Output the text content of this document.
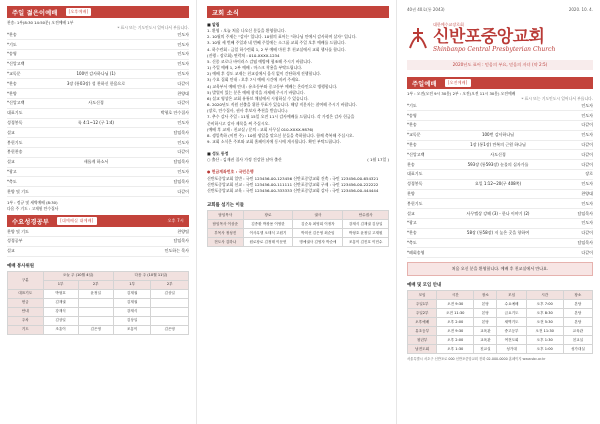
주일 젊은이예배	[오후예배]
찬송: 1부(8:30 14:50분) 오전예배 1부
* 표시 또는 기도인도시 일어나서 부릅니다.
*찬송	인도자
*기도	인도자
*송영	인도자
*신앙고백	인도자
*교독문	100번 감사하나님 (1)	인도자
*찬송	3장 (통03장) 성 찬하신 한몸으로	다같이
*찬양	찬양대
*신앙고백	사도신경	다같이
대표기도	박형호 안수집사
성경봉독	룩 4:1~12 (구 1:4)	인도자
설교	담임목사
봉헌기도	인도자
봉헌찬송	다같이
설교	새롭게 하소서	담임목사
*광고	인도자
*축도	담임목사
찬양 및 기도	다같이
1부 : 정규 및 새벽예배 (8:30)
다음 주 기도 : 고재원 안수집사
수요성경공부	[대예배실 대예배]	오후 7시
찬양 및 기도	찬양팀
성경공부	담임목사
설교	인도하는 목사
예배 봉사위원
구분	오늘 주 (10월 4일)		다음 주 (10월 11일)	
	1부	2부	1부	2부
대표기도	박형호	윤정일	김재권	김상일
헌금	김재권		김재권	
안내	강재식		강재식	
주차	김상일		김상일	
기도	조흥이	김은영	조흥이	김은영
교회 소식

■ 알림

1. 환영 : 오늘 처음 나오신 분들을 환영합니다.

2. 10월의 주제는 "감사" 입니다. 10월의 표어는 "하나님 안에서 감사하며 살자" 입니다.

3. 10월 세 번째 주일과 네 번째 주일에는 소그룹 교회 주일 오후 예배를 드립니다.

4. 하수련회 : 금일 하수련회 1, 2 부 예배 마친 후 친교실에서 교회 행사를 합니다.

(진행 : 장로회) 연락처 : 010-XXXX-1234

5. 신종 코로나 바이러스 감염 예방에 협조해 주시기 바랍니다.

1) 주일 예배 1, 2부 예배 : 마스크 착용을 부탁드립니다.

2) 예배 후 성도 교제는 친교실에서 음식 없이 간단하게 진행합니다.

3) 수요 집회 안내 : 오후 7시 예배 시간에 지켜 주세요.

4) 교육부서 예배 안내 : 유초등부와 중고등부 예배는 온라인으로 병행합니다.

5) 발열이 있는 분은 예배 참석을 자제해 주시기 바랍니다.

6) 설교 영상은 교회 유튜브 채널에서 시청하실 수 있습니다.

6. 2020년도 직원 선출을 위한 투표가 있습니다. 해당 직분자는 참여해 주시기 바랍니다.

(장로, 안수집사, 권사 후보자 추천을 받습니다.)

7. 추수 감사 주일 : 11월 15일 오전 11시 감사예배를 드립니다. 각 가정은 감사 헌금을

준비하시고 감사 제목을 써 주십시오.

(예배 후 교제 : 친교실 / 문의 : 교회 사무실 010-XXXX-9876)

8. 생일축하 (이번 주) : 10월 생일을 맞으신 분들을 축하합니다. 함께 축복해 주십시오.

9. 교회 소식은 주보와 교회 홈페이지에 동시에 게시됩니다. 확인 부탁드립니다.

■ 성도 동정

○ 출산 : 김재권 집사 가정 건강한 남아 출산	( 1월 17일 )

● 헌금계좌번호 : 국민은행

신반포중앙교회 일반 : 국민 123456-00-123456 신반포중앙교회 건축 : 국민 123456-00-654321

신반포중앙교회 선교 : 국민 123456-00-111111 신반포중앙교회 구제 : 국민 123456-00-222222

신반포중앙교회 교육 : 국민 123456-00-333333 신반포중앙교회 감사 : 국민 123456-00-444444

교회를 섬기는 이들
담임목사	장로	권사	안수집사
담임목사 이상준	김종환 박창용 이영한	김순옥 최영희 이정자	강재식 김재권 김상일
부목사 정성진	이사무엘 오태식 고원기	박미선 김은영 최순임	박형호 윤정일 고재원
전도사 김하나	원로장로 김정태 이문헌	명예권사 김영자 박순애	조흥이 김진호 이민수
40권 40호(통 2043)	2020. 10. 4.
대한예수교장로회
신반포중앙교회
Shinbanpo Central Presbyterian Church
2020년도 표어 : 믿음의 부요, 믿음의 자녀 (약 2:5)
주일예배	[오전예배]
1부 : 오전(오전 9시 30분) 2부 : 오전(오전 11시 30분) 오전예배
* 표시 또는 기도인도시 일어나서 부릅니다.
*기도	인도자
*송영	인도자
*찬송	다같이
*교독문	100번 감사하나님	인도자
*찬송	1장 (통1장) 만복의 근원 하나님	다같이
*신앙고백	사도신경	다같이
찬송	593장 (통593장) 눈물의 십자가를	다같이
대표기도	장로
성경봉독	요일 1:12~20(구 408쪽)	인도자
찬양	찬양대
봉헌기도	인도자
설교	사무엘상 강해 (3) - 한나 이야기 (2)	담임목사
*광고	인도자
*찬송	58장 (통58장) 저 높은 곳을 향하여	다같이
*축도	담임목사
*폐회송영	다같이
처음 오신 분을 환영합니다. 예배 후 친교실에서 만나요.
예배 및 모임 안내
모임	시간	장소	모임	시간	장소
주일1부	오전 9:30	본당	수요예배	오후 7:00	본당
주일2부	오전 11:30	본당	금요기도	오후 8:30	본당
오후예배	오후 2:00	본당	새벽기도	오전 5:30	본당
유초등부	오전 9:30	교육관	중고등부	오전 11:30	교육관
청년부	오후 2:00	교육관	여전도회	오후 1:30	친교실
남전도회	오후 1:30	친교실	성가대	오후 1:00	성가대실
서울특별시 서초구 신반포로 000 신반포중앙교회 전화 02-000-0000 홈페이지 www.sbc.or.kr
